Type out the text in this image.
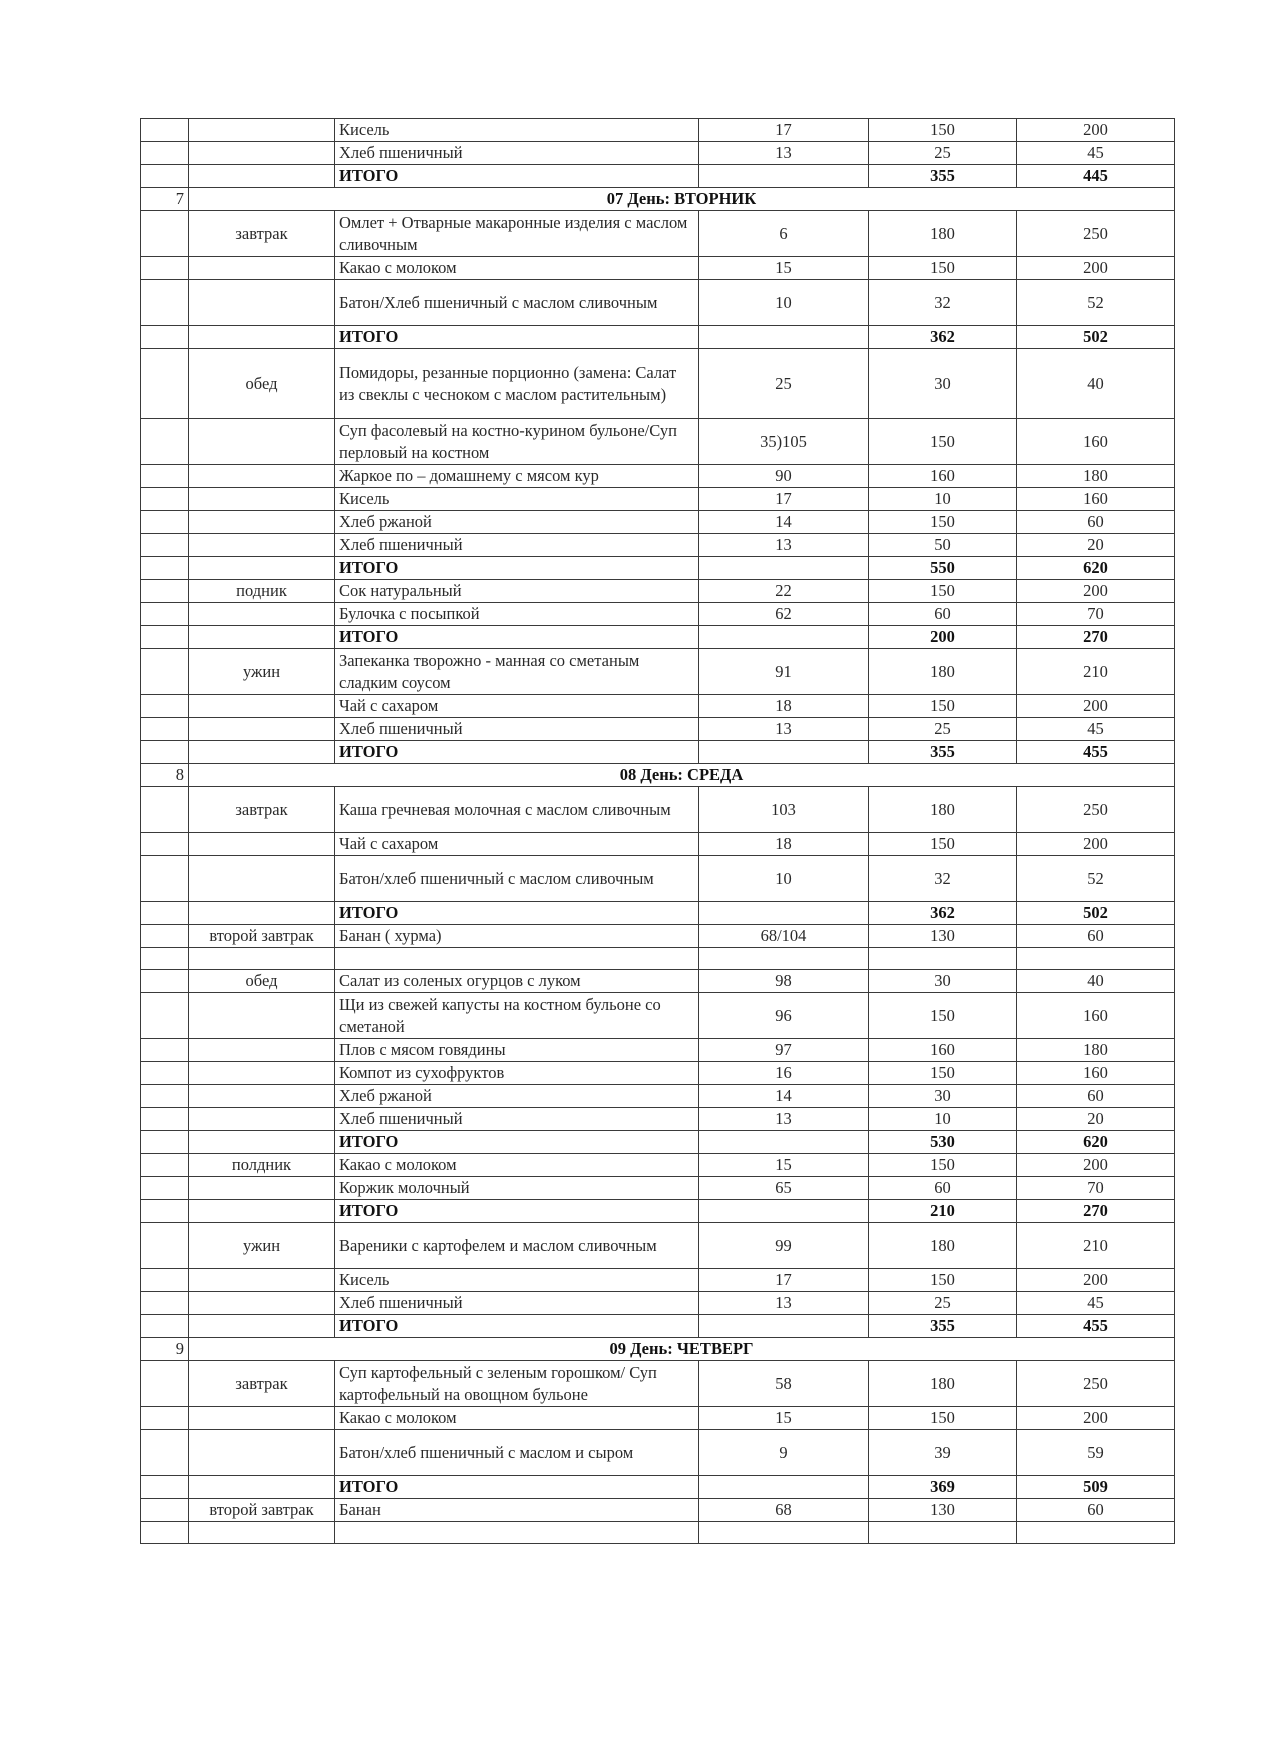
		Кисель	17	150	200
		Хлеб пшеничный	13	25	45
		ИТОГО		355	445
7	07 День: ВТОРНИК				
	завтрак	Омлет + Отварные макаронные изделия с маслом сливочным	6	180	250
		Какао с молоком	15	150	200
		Батон/Хлеб пшеничный с маслом сливочным	10	32	52
		ИТОГО		362	502
	обед	Помидоры, резанные порционно (замена: Салат из свеклы с чесноком с маслом растительным)	25	30	40
		Суп фасолевый на костно-курином бульоне/Суп перловый на костном	35)105	150	160
		Жаркое по – домашнему с мясом кур	90	160	180
		Кисель	17	10	160
		Хлеб ржаной	14	150	60
		Хлеб пшеничный	13	50	20
		ИТОГО		550	620
	подник	Сок натуральный	22	150	200
		Булочка с посыпкой	62	60	70
		ИТОГО		200	270
	ужин	Запеканка творожно - манная со сметаным сладким соусом	91	180	210
		Чай с сахаром	18	150	200
		Хлеб пшеничный	13	25	45
		ИТОГО		355	455
8	08 День: СРЕДА				
	завтрак	Каша гречневая молочная с маслом сливочным	103	180	250
		Чай с сахаром	18	150	200
		Батон/хлеб пшеничный с маслом сливочным	10	32	52
		ИТОГО		362	502
	второй завтрак	Банан ( хурма)	68/104	130	60

	обед	Салат из соленых огурцов с луком	98	30	40
		Щи из свежей капусты на костном бульоне со сметаной	96	150	160
		Плов с мясом говядины	97	160	180
		Компот из сухофруктов	16	150	160
		Хлеб ржаной	14	30	60
		Хлеб пшеничный	13	10	20
		ИТОГО		530	620
	полдник	Какао с молоком	15	150	200
		Коржик молочный	65	60	70
		ИТОГО		210	270
	ужин	Вареники с картофелем и маслом сливочным	99	180	210
		Кисель	17	150	200
		Хлеб пшеничный	13	25	45
		ИТОГО		355	455
9	09 День: ЧЕТВЕРГ				
	завтрак	Суп картофельный с зеленым горошком/ Суп картофельный на овощном бульоне	58	180	250
		Какао с молоком	15	150	200
		Батон/хлеб пшеничный с маслом и сыром	9	39	59
		ИТОГО		369	509
	второй завтрак	Банан	68	130	60
